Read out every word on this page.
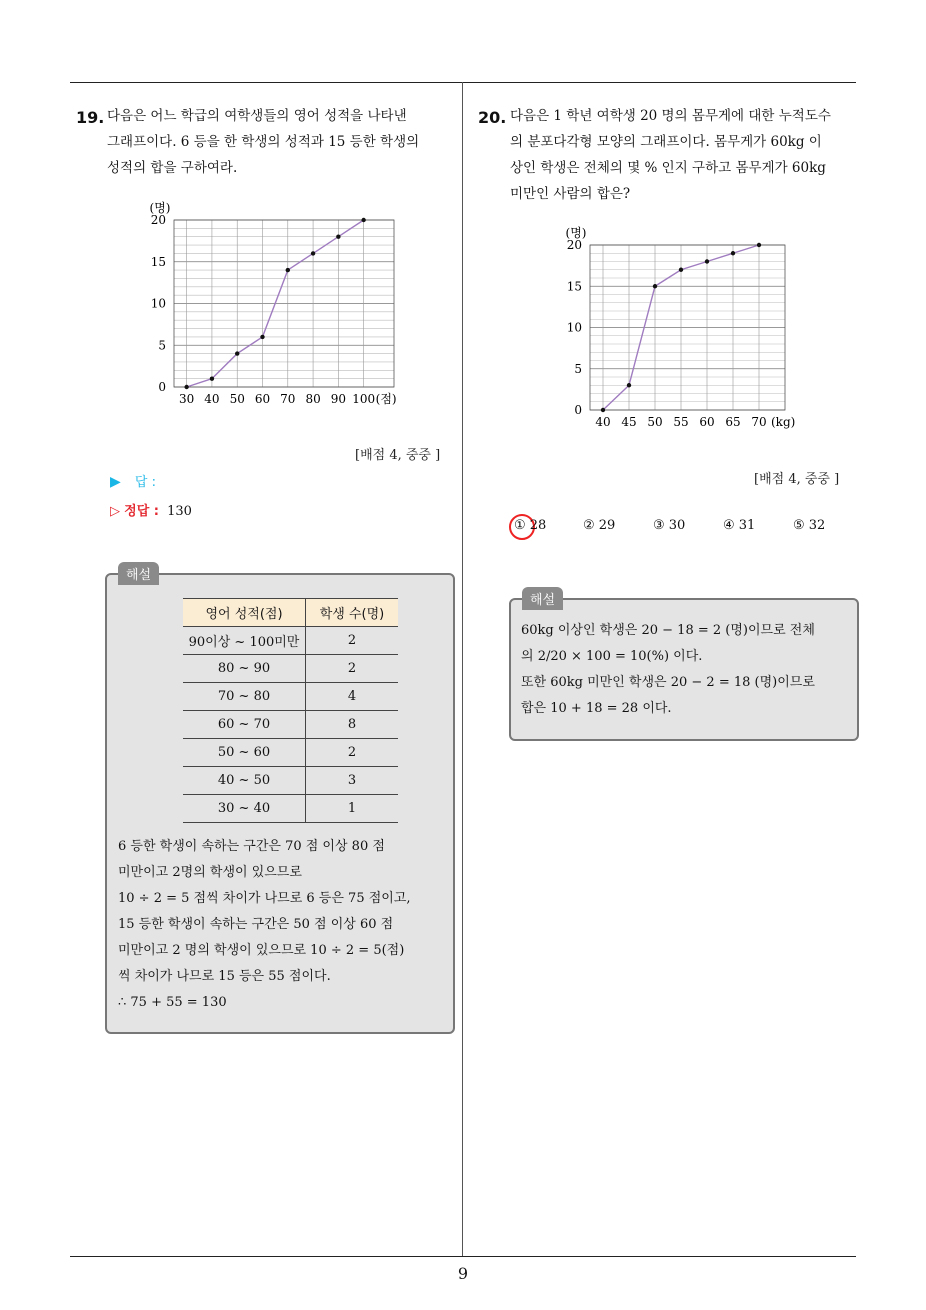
9
19. 다음은 어느 학급의 여학생들의 영어 성적을 나타낸
그래프이다. 6 등을 한 학생의 성적과 15 등한 학생의
성적의 합을 구하여라.
0
5
10
15
20
30 40 50 60 70 80 90 100
(명)
(점)
[배점 4, 중중 ]
▶ 답 :
▷ 정답 : 130
해설
영어 성적(점)	학생 수(명)
90이상 ~ 100미만	2
80 ~ 90	2
70 ~ 80	4
60 ~ 70	8
50 ~ 60	2
40 ~ 50	3
30 ~ 40	1
6 등한 학생이 속하는 구간은 70 점 이상 80 점
미만이고 2명의 학생이 있으므로
10 ÷ 2 = 5 점씩 차이가 나므로 6 등은 75 점이고,
15 등한 학생이 속하는 구간은 50 점 이상 60 점
미만이고 2 명의 학생이 있으므로 10 ÷ 2 = 5(점)
씩 차이가 나므로 15 등은 55 점이다.
∴ 75 + 55 = 130
20. 다음은 1 학년 여학생 20 명의 몸무게에 대한 누적도수
의 분포다각형 모양의 그래프이다. 몸무게가 60kg 이
상인 학생은 전체의 몇 % 인지 구하고 몸무게가 60kg
미만인 사람의 합은?
0
5
10
15
20
40 45 50 55 60 65 70
(명)
(kg)
[배점 4, 중중 ]
① 28	② 29	③ 30	④ 31	⑤ 32
해설
60kg 이상인 학생은 20 − 18 = 2 (명)이므로 전체
의 2/20 × 100 = 10(%) 이다.
또한 60kg 미만인 학생은 20 − 2 = 18 (명)이므로
합은 10 + 18 = 28 이다.
